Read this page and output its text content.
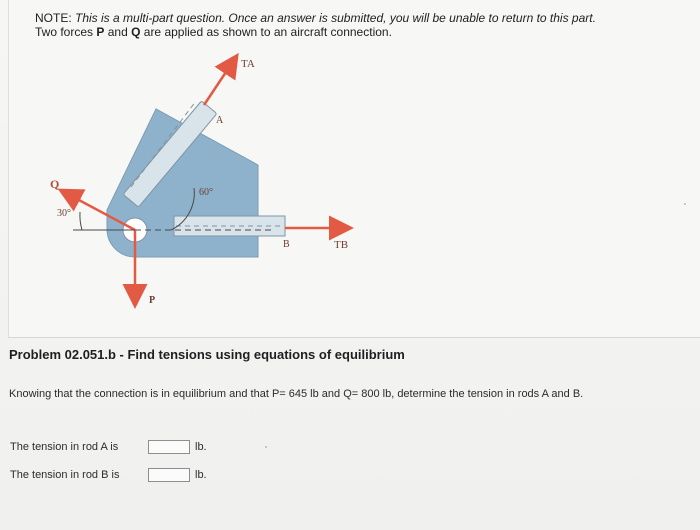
NOTE: This is a multi-part question. Once an answer is submitted, you will be unable to return to this part.
Two forces P and Q are applied as shown to an aircraft connection.
TA
A
60°
Q
30°
B	TB
P
Problem 02.051.b - Find tensions using equations of equilibrium
Knowing that the connection is in equilibrium and that P= 645 lb and Q= 800 lb, determine the tension in rods A and B.
The tension in rod A is	lb.
The tension in rod B is	lb.
